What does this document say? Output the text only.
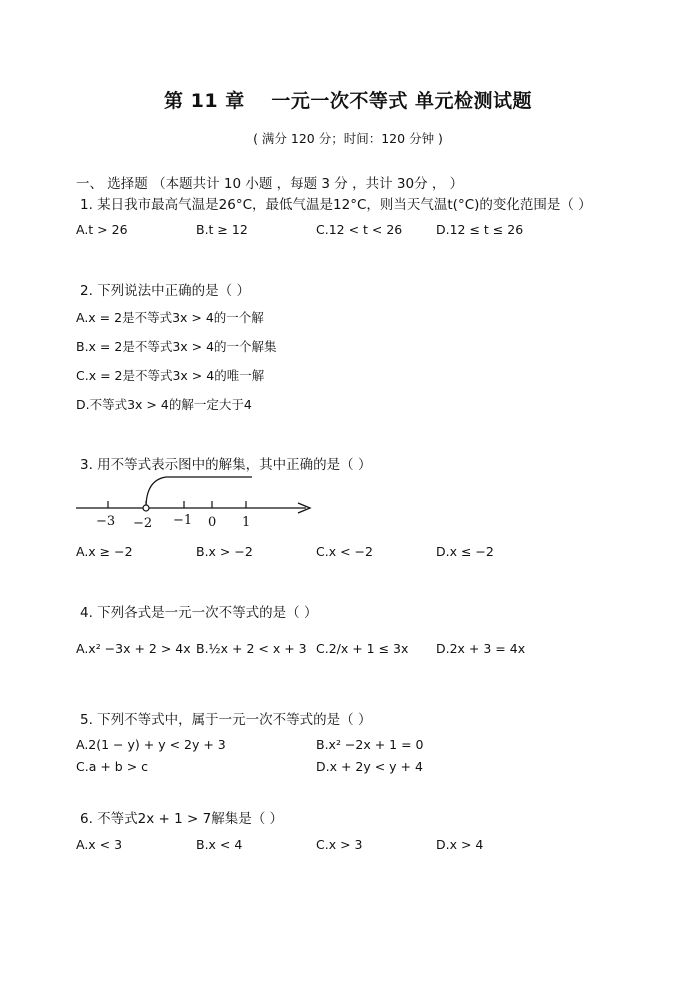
第 11 章　 一元一次不等式 单元检测试题
( 满分 120 分；时间：120 分钟 )
一、 选择题 （本题共计 10 小题 ，每题 3 分 ，共计 30分 ， ）
1. 某日我市最高气温是26°C，最低气温是12°C，则当天气温t(°C)的变化范围是（ ）
A.t > 26	B.t ≥ 12	C.12 < t < 26	D.12 ≤ t ≤ 26
2. 下列说法中正确的是（ ）
A.x = 2是不等式3x > 4的一个解
B.x = 2是不等式3x > 4的一个解集
C.x = 2是不等式3x > 4的唯一解
D.不等式3x > 4的解一定大于4
3. 用不等式表示图中的解集，其中正确的是（ ）
−3 −2 −1 0 1
A.x ≥ −2	B.x > −2	C.x < −2	D.x ≤ −2
4. 下列各式是一元一次不等式的是（ ）
A.x² −3x + 2 > 4x B.½x + 2 < x + 3 C.2/x + 1 ≤ 3x D.2x + 3 = 4x
5. 下列不等式中，属于一元一次不等式的是（ ）
A.2(1 − y) + y < 2y + 3	B.x² −2x + 1 = 0
C.a + b > c	D.x + 2y < y + 4
6. 不等式2x + 1 > 7解集是（ ）
A.x < 3	B.x < 4	C.x > 3	D.x > 4
